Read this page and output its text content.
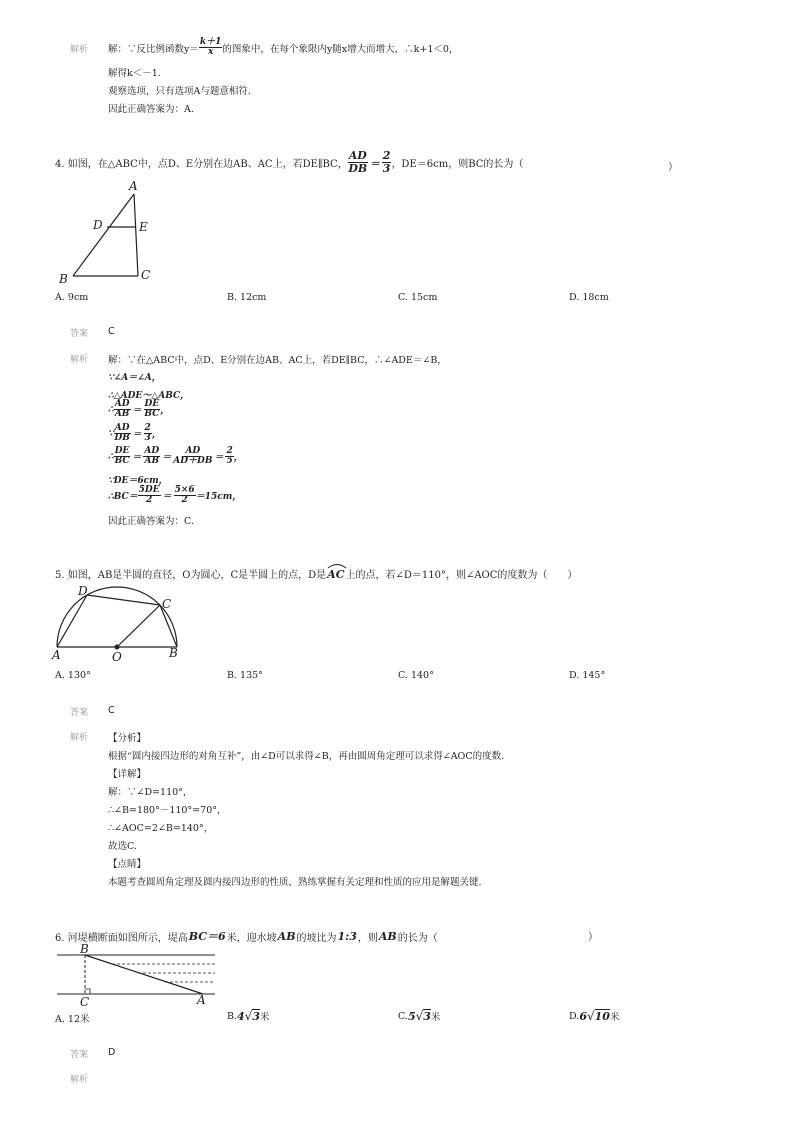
解析 解：∵反比例函数$y= \frac{k+1}{x}$ 的图象中，在每个象限内y随x增大而增大，∴k+1＜0，
解得k＜－1.
观察选项，只有选项A与题意相符.
因此正确答案为：A.
4. 如图，在△ABC中，点D、E分别在边AB、AC上，若DE∥BC， $\frac{AD}{DB} = \frac{2}{3}$ ，DE＝6cm，则BC的长为（	）
A
D	E
B	C
A. 9cm	B. 12cm	C. 15cm	D. 18cm
答案 C
解析 解：∵在△ABC中，点D、E分别在边AB、AC上，若DE∥BC，∴∠ADE＝∠B，
∵∠A＝∠A，
∴△ADE～△ABC，
∴ $\frac{AD}{AB} = \frac{DE}{BC}$ ，
∵ $\frac{AD}{DB} = \frac{2}{3}$ ，
∴ $\frac{DE}{BC} = \frac{AD}{AB} = \frac{AD}{AD+DB} = \frac{2}{5}$ ，
∵DE＝6cm，
∴BC＝ $\frac{5DE}{2} = \frac{5\times 6}{2} =15cm$，
因此正确答案为：C.
5. 如图，AB是半圆的直径，O为圆心，C是半圆上的点，D是 AC 上的点，若∠D＝110°，则∠AOC的度数为（　　）
D
C
A	O	B
A. 130°	B. 135°	C. 140°	D. 145°
答案 C
解析 【分析】
根据“圆内接四边形的对角互补”，由∠D可以求得∠B，再由圆周角定理可以求得∠AOC的度数.
【详解】
解：∵∠D=110°，
∴∠B=180°－110°=70°，
∴∠AOC=2∠B=140°，
故选C.
【点睛】
本题考查圆周角定理及圆内接四边形的性质，熟练掌握有关定理和性质的应用是解题关键.
6. 河堤横断面如图所示，堤高 BC＝6 米，迎水坡 AB 的坡比为 1:3 ，则 AB 的长为（	）
B
C	A
A. 12米	B. 4 √ 3 米	C. 5 √ 3 米	D. 6 √ 10 米
答案 D
解析
